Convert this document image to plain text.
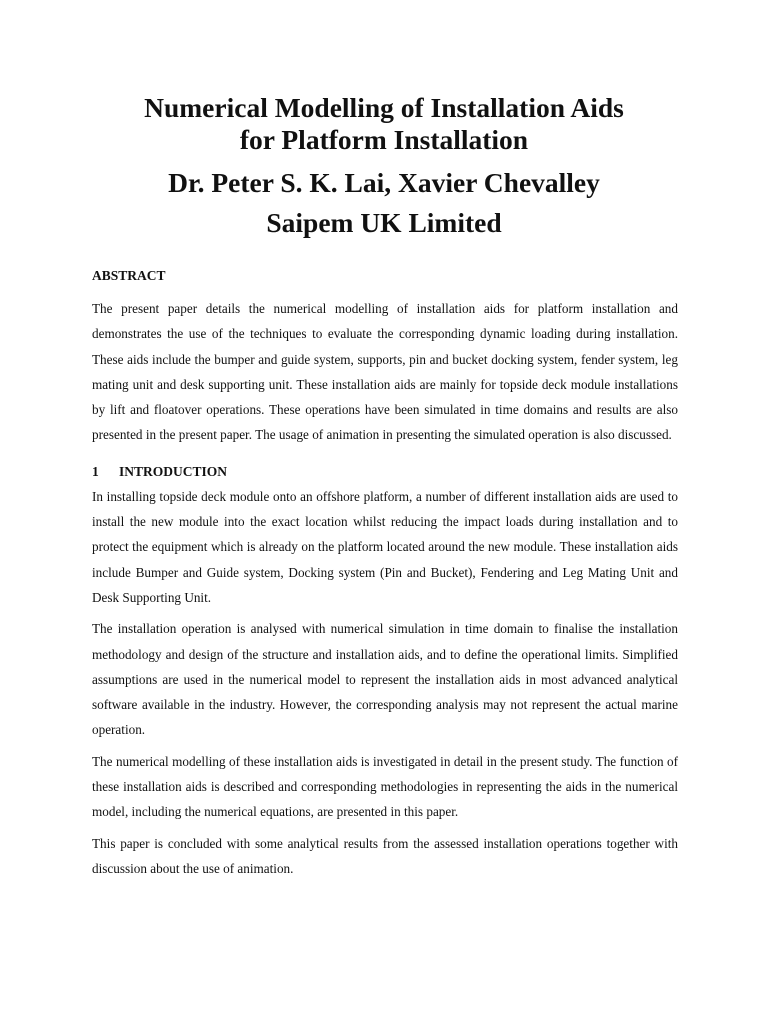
Numerical Modelling of Installation Aids
for Platform Installation
Dr. Peter S. K. Lai, Xavier Chevalley
Saipem UK Limited
ABSTRACT

The present paper details the numerical modelling of installation aids for platform installation and demonstrates the use of the techniques to evaluate the corresponding dynamic loading during installation. These aids include the bumper and guide system, supports, pin and bucket docking system, fender system, leg mating unit and desk supporting unit. These installation aids are mainly for topside deck module installations by lift and floatover operations. These operations have been simulated in time domains and results are also presented in the present paper. The usage of animation in presenting the simulated operation is also discussed.

1 INTRODUCTION

In installing topside deck module onto an offshore platform, a number of different installation aids are used to install the new module into the exact location whilst reducing the impact loads during installation and to protect the equipment which is already on the platform located around the new module. These installation aids include Bumper and Guide system, Docking system (Pin and Bucket), Fendering and Leg Mating Unit and Desk Supporting Unit.

The installation operation is analysed with numerical simulation in time domain to finalise the installation methodology and design of the structure and installation aids, and to define the operational limits. Simplified assumptions are used in the numerical model to represent the installation aids in most advanced analytical software available in the industry. However, the corresponding analysis may not represent the actual marine operation.

The numerical modelling of these installation aids is investigated in detail in the present study. The function of these installation aids is described and corresponding methodologies in representing the aids in the numerical model, including the numerical equations, are presented in this paper.

This paper is concluded with some analytical results from the assessed installation operations together with discussion about the use of animation.
